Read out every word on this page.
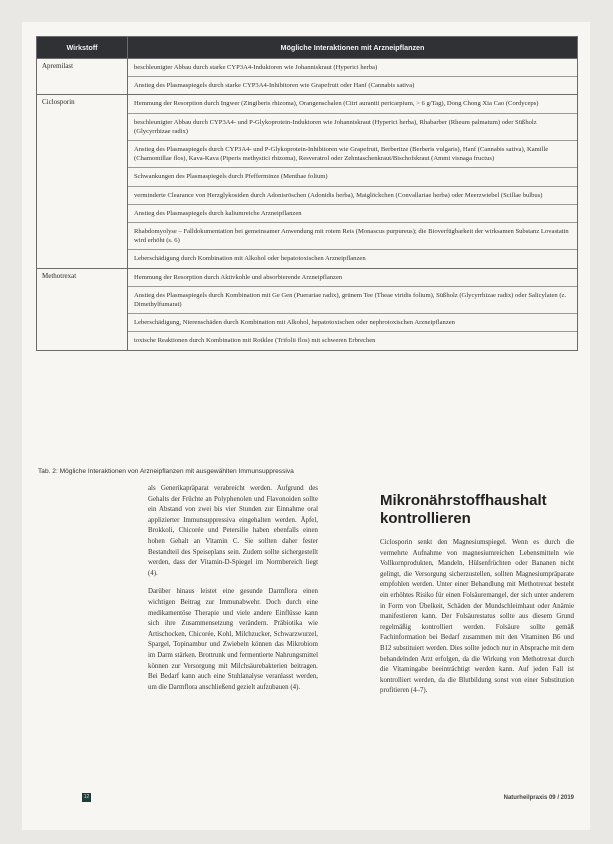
Wirkstoff	Mögliche Interaktionen mit Arzneipflanzen
Apremilast	beschleunigter Abbau durch starke CYP3A4-Induktoren wie Johanniskraut (Hyperici herba)
Anstieg des Plasmaspiegels durch starke CYP3A4-Inhibitoren wie Grapefruit oder Hanf (Cannabis sativa)
Ciclosporin	Hemmung der Resorption durch Ingwer (Zingiberis rhizoma), Orangenschalen (Citri aurantii pericarpium, > 6 g/Tag), Dong Chong Xia Cao (Cordyceps)
beschleunigter Abbau durch CYP3A4- und P-Glykoprotein-Induktoren wie Johanniskraut (Hyperici herba), Rhabarber (Rheum palmatum) oder Süßholz (Glycyrrhizae radix)
Anstieg des Plasmaspiegels durch CYP3A4- und P-Glykoprotein-Inhibitoren wie Grapefruit, Berberitze (Berberis vulgaris), Hanf (Cannabis sativa), Kamille (Chamomillae flos), Kava-Kava (Piperis methystici rhizoma), Resveratrol oder Zehntaschenkraut/Bischofskraut (Ammi visnaga fructus)
Schwankungen des Plasmaspiegels durch Pfefferminze (Menthae folium)
verminderte Clearance von Herzglykosiden durch Adonisröschen (Adonidis herba), Maiglöckchen (Convallariae herba) oder Meerzwiebel (Scillae bulbus)
Anstieg des Plasmaspiegels durch kaliumreiche Arzneipflanzen
Rhabdomyolyse – Falldokumentation bei gemeinsamer Anwendung mit rotem Reis (Monascus purpureus); die Bioverfügbarkeit der wirksamen Substanz Lovastatin wird erhöht (s. 6)
Leberschädigung durch Kombination mit Alkohol oder hepatotoxischen Arzneipflanzen
Methotrexat	Hemmung der Resorption durch Aktivkohle und absorbierende Arzneipflanzen
Anstieg des Plasmaspiegels durch Kombination mit Ge Gen (Puerariae radix), grünem Tee (Theae viridis folium), Süßholz (Glycyrrhizae radix) oder Salicylaten (z. Dimethylfumarat)
Leberschädigung, Nierenschäden durch Kombination mit Alkohol, hepatotoxischen oder nephrotoxischen Arzneipflanzen
toxische Reaktionen durch Kombination mit Rotklee (Trifolii flos) mit schweren Erbrechen
Tab. 2: Mögliche Interaktionen von Arzneipflanzen mit ausgewählten Immunsuppressiva

als Generikapräparat verabreicht werden. Aufgrund des Gehalts der Früchte an Polyphenolen und Flavonoiden sollte ein Abstand von zwei bis vier Stunden zur Einnahme oral applizierter Immunsuppressiva eingehalten werden. Äpfel, Brokkoli, Chicorée und Petersilie haben ebenfalls einen hohen Gehalt an Vitamin C. Sie sollten daher fester Bestandteil des Speiseplans sein. Zudem sollte sichergestellt werden, dass der Vitamin-D-Spiegel im Normbereich liegt (4).

Darüber hinaus leistet eine gesunde Darmflora einen wichtigen Beitrag zur Immunabwehr. Doch durch eine medikamentöse Therapie und viele andere Einflüsse kann sich ihre Zusammensetzung verändern. Präbiotika wie Artischocken, Chicorée, Kohl, Milchzucker, Schwarzwurzel, Spargel, Topinambur und Zwiebeln können das Mikrobiom im Darm stärken. Brottrunk und fermentierte Nahrungsmittel können zur Versorgung mit Milchsäurebakterien beitragen. Bei Bedarf kann auch eine Stuhlanalyse veranlasst werden, um die Darmflora anschließend gezielt aufzubauen (4).

Mikronährstoffhaushalt kontrollieren

Ciclosporin senkt den Magnesiumspiegel. Wenn es durch die vermehrte Aufnahme von magnesiumreichen Lebensmitteln wie Vollkornprodukten, Mandeln, Hülsenfrüchten oder Bananen nicht gelingt, die Versorgung sicherzustellen, sollten Magnesiumpräparate empfohlen werden. Unter einer Behandlung mit Methotrexat besteht ein erhöhtes Risiko für einen Folsäuremangel, der sich unter anderem in Form von Übelkeit, Schäden der Mundschleimhaut oder Anämie manifestieren kann. Der Folsäurestatus sollte aus diesem Grund regelmäßig kontrolliert werden. Folsäure sollte gemäß Fachinformation bei Bedarf zusammen mit den Vitaminen B6 und B12 substituiert werden. Dies sollte jedoch nur in Absprache mit dem behandelnden Arzt erfolgen, da die Wirkung von Methotrexat durch die Vitamingabe beeinträchtigt werden kann. Auf jeden Fall ist kontrolliert werden, da die Blutbildung sonst von einer Substitution profitieren (4–7).

12	Naturheilpraxis 09 / 2019
